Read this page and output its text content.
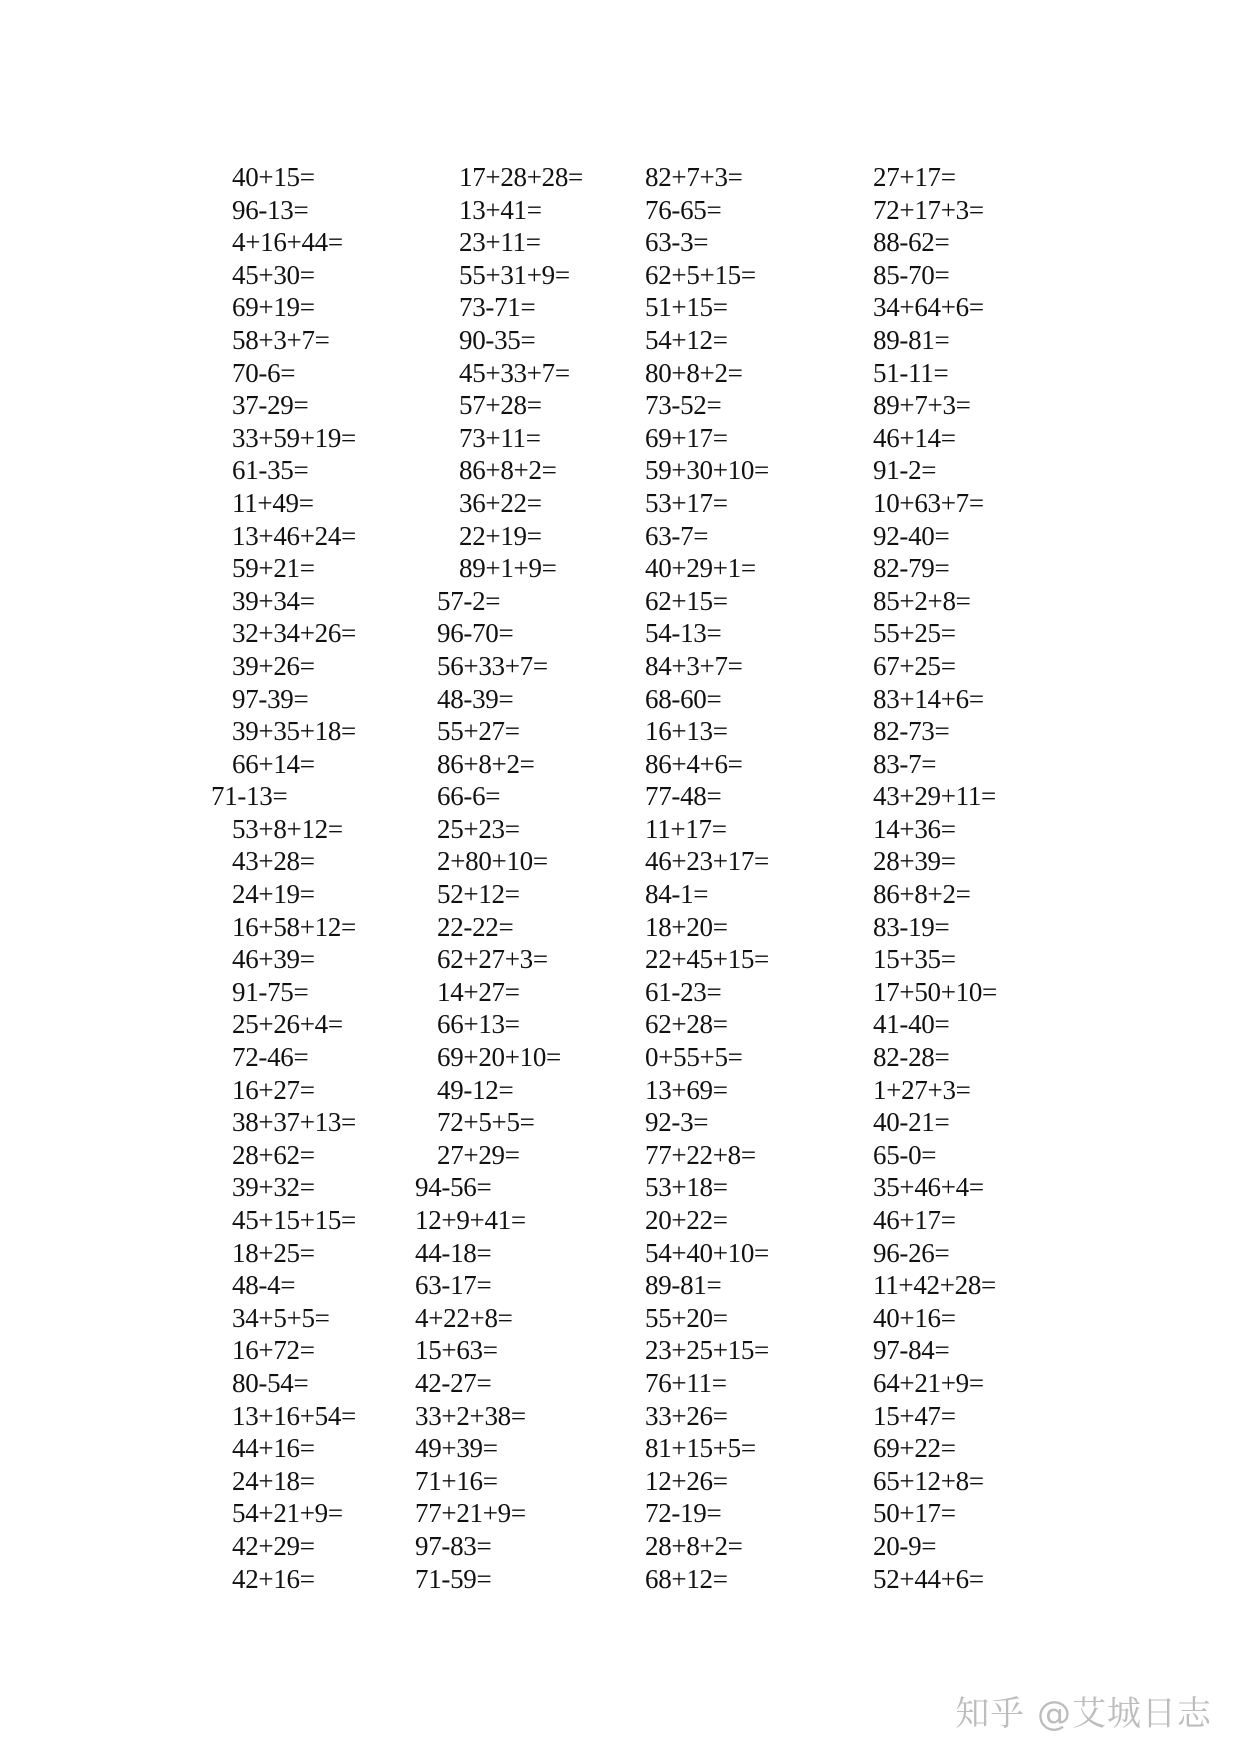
40+15=
96-13=
4+16+44=
45+30=
69+19=
58+3+7=
70-6=
37-29=
33+59+19=
61-35=
11+49=
13+46+24=
59+21=
39+34=
32+34+26=
39+26=
97-39=
39+35+18=
66+14=
71-13=
53+8+12=
43+28=
24+19=
16+58+12=
46+39=
91-75=
25+26+4=
72-46=
16+27=
38+37+13=
28+62=
39+32=
45+15+15=
18+25=
48-4=
34+5+5=
16+72=
80-54=
13+16+54=
44+16=
24+18=
54+21+9=
42+29=
42+16=
17+28+28=
13+41=
23+11=
55+31+9=
73-71=
90-35=
45+33+7=
57+28=
73+11=
86+8+2=
36+22=
22+19=
89+1+9=
57-2=
96-70=
56+33+7=
48-39=
55+27=
86+8+2=
66-6=
25+23=
2+80+10=
52+12=
22-22=
62+27+3=
14+27=
66+13=
69+20+10=
49-12=
72+5+5=
27+29=
94-56=
12+9+41=
44-18=
63-17=
4+22+8=
15+63=
42-27=
33+2+38=
49+39=
71+16=
77+21+9=
97-83=
71-59=
82+7+3=
76-65=
63-3=
62+5+15=
51+15=
54+12=
80+8+2=
73-52=
69+17=
59+30+10=
53+17=
63-7=
40+29+1=
62+15=
54-13=
84+3+7=
68-60=
16+13=
86+4+6=
77-48=
11+17=
46+23+17=
84-1=
18+20=
22+45+15=
61-23=
62+28=
0+55+5=
13+69=
92-3=
77+22+8=
53+18=
20+22=
54+40+10=
89-81=
55+20=
23+25+15=
76+11=
33+26=
81+15+5=
12+26=
72-19=
28+8+2=
68+12=
27+17=
72+17+3=
88-62=
85-70=
34+64+6=
89-81=
51-11=
89+7+3=
46+14=
91-2=
10+63+7=
92-40=
82-79=
85+2+8=
55+25=
67+25=
83+14+6=
82-73=
83-7=
43+29+11=
14+36=
28+39=
86+8+2=
83-19=
15+35=
17+50+10=
41-40=
82-28=
1+27+3=
40-21=
65-0=
35+46+4=
46+17=
96-26=
11+42+28=
40+16=
97-84=
64+21+9=
15+47=
69+22=
65+12+8=
50+17=
20-9=
52+44+6=
知乎 @艾城日志
